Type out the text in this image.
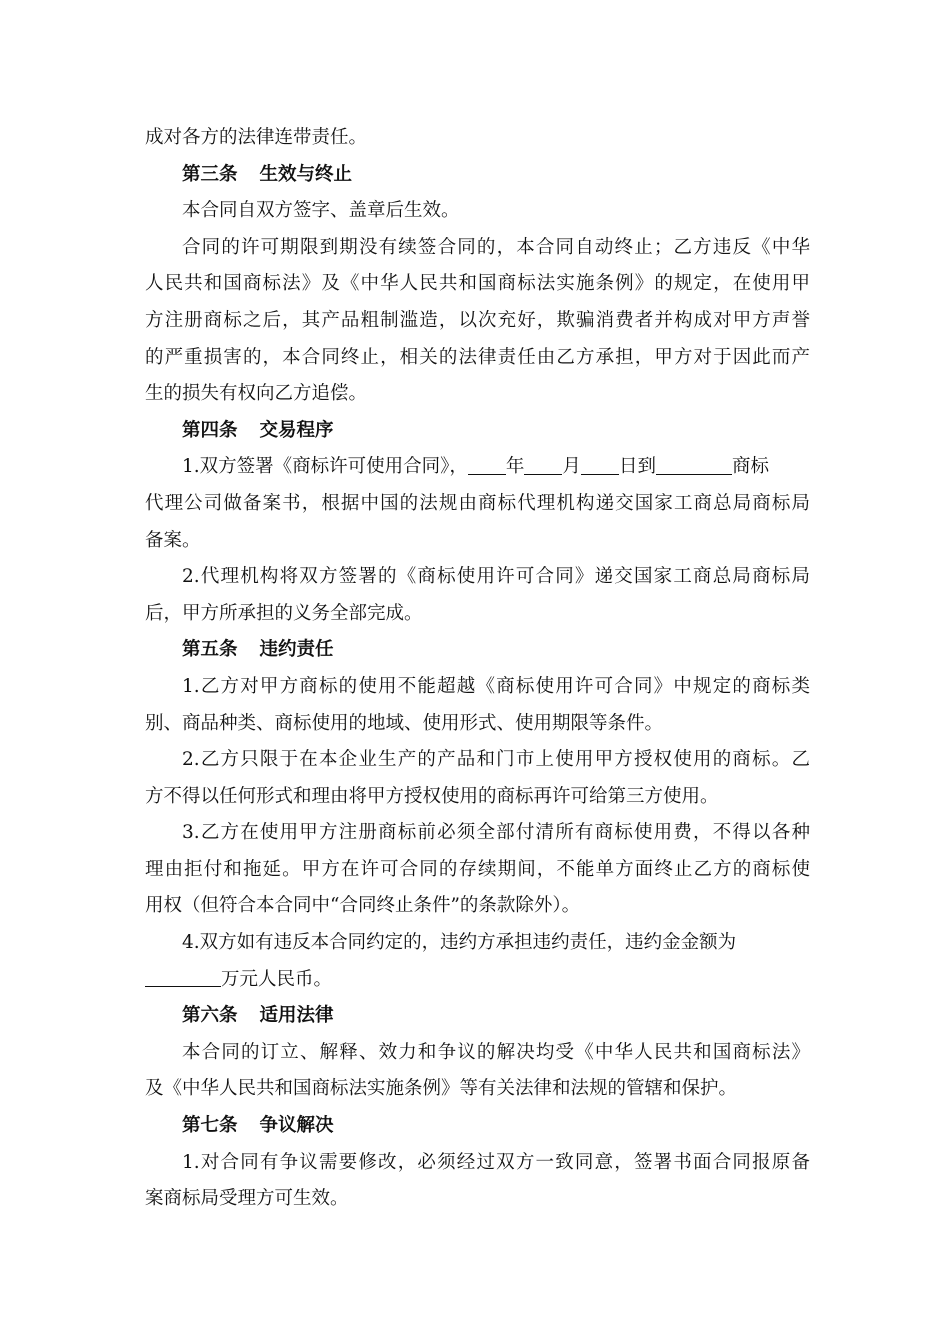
成对各方的法律连带责任。
第三条 生效与终止
本合同自双方签字、盖章后生效。
合同的许可期限到期没有续签合同的，本合同自动终止；乙方违反《中华
人民共和国商标法》及《中华人民共和国商标法实施条例》的规定，在使用甲
方注册商标之后，其产品粗制滥造，以次充好，欺骗消费者并构成对甲方声誉
的严重损害的，本合同终止，相关的法律责任由乙方承担，甲方对于因此而产
生的损失有权向乙方追偿。
第四条 交易程序
1.双方签署《商标许可使用合同》， 年 月 日到	商标
代理公司做备案书，根据中国的法规由商标代理机构递交国家工商总局商标局
备案。
2.代理机构将双方签署的《商标使用许可合同》递交国家工商总局商标局
后，甲方所承担的义务全部完成。
第五条 违约责任
1.乙方对甲方商标的使用不能超越《商标使用许可合同》中规定的商标类
别、商品种类、商标使用的地域、使用形式、使用期限等条件。
2.乙方只限于在本企业生产的产品和门市上使用甲方授权使用的商标。乙
方不得以任何形式和理由将甲方授权使用的商标再许可给第三方使用。
3.乙方在使用甲方注册商标前必须全部付清所有商标使用费，不得以各种
理由拒付和拖延。甲方在许可合同的存续期间，不能单方面终止乙方的商标使
用权（但符合本合同中“合同终止条件”的条款除外）。
4.双方如有违反本合同约定的，违约方承担违约责任，违约金金额为
万元人民币。
第六条 适用法律
本合同的订立、解释、效力和争议的解决均受《中华人民共和国商标法》
及《中华人民共和国商标法实施条例》等有关法律和法规的管辖和保护。
第七条 争议解决
1.对合同有争议需要修改，必须经过双方一致同意，签署书面合同报原备
案商标局受理方可生效。
